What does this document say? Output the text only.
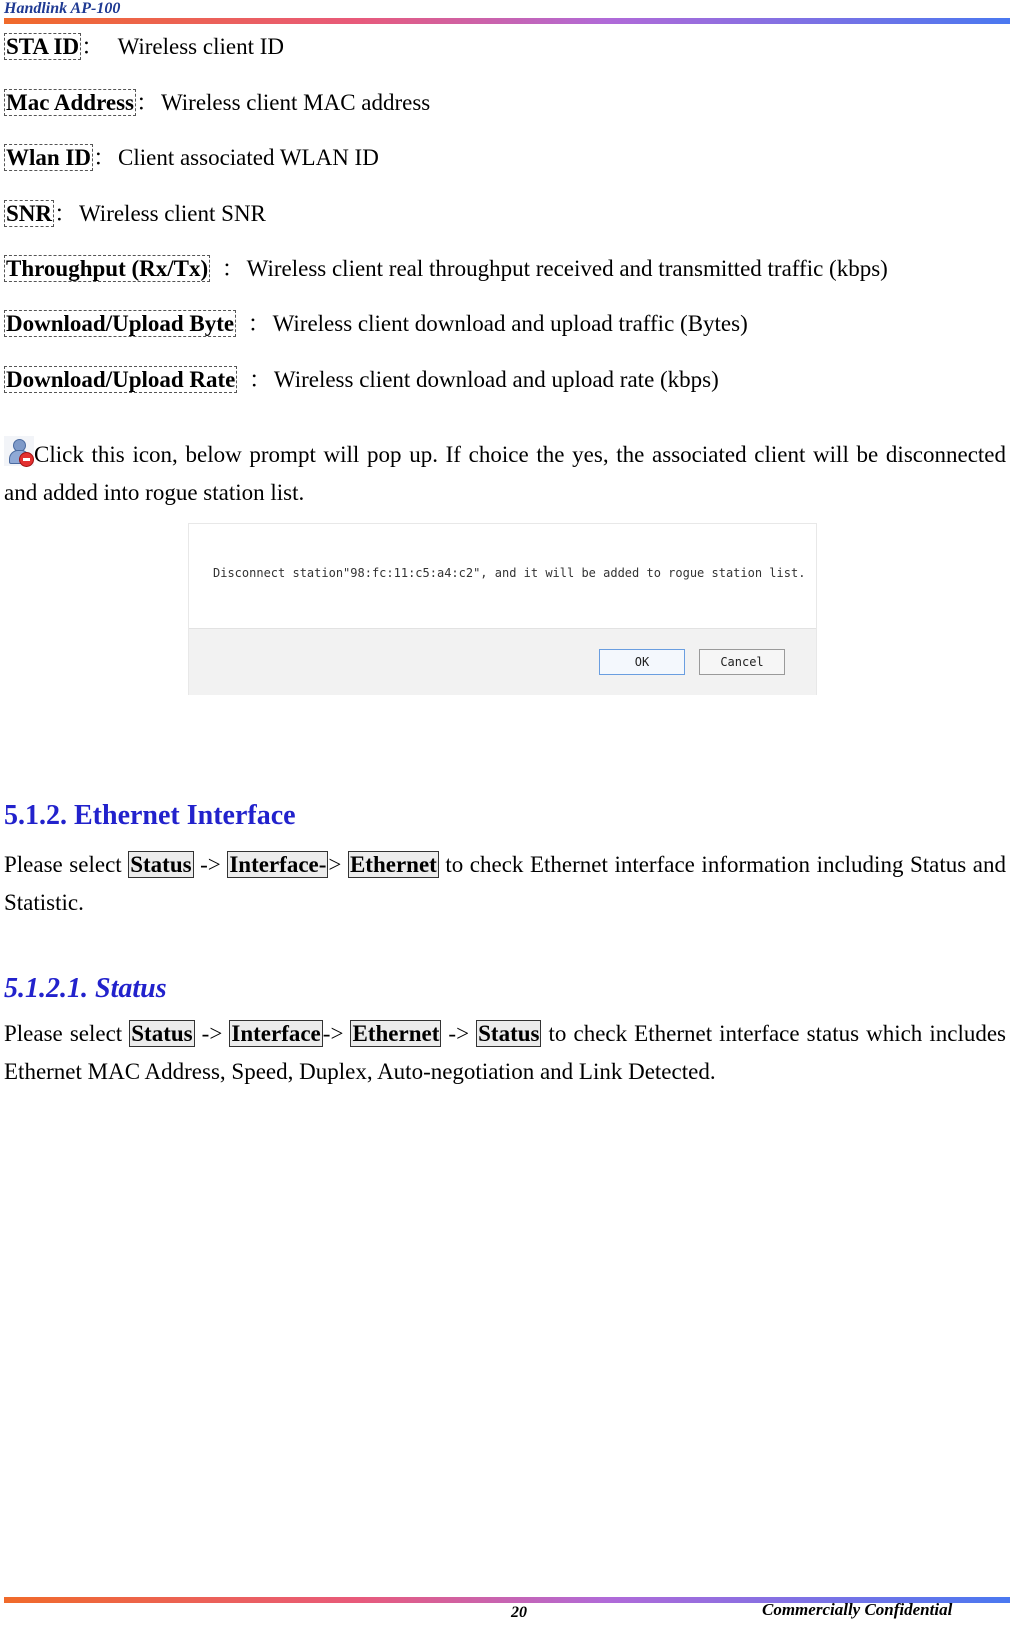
Handlink AP-100
STA ID： Wireless client ID
Mac Address：Wireless client MAC address
Wlan ID：Client associated WLAN ID
SNR：Wireless client SNR
Throughput (Rx/Tx) ：Wireless client real throughput received and transmitted traffic (kbps)
Download/Upload Byte ：Wireless client download and upload traffic (Bytes)
Download/Upload Rate ：Wireless client download and upload rate (kbps)
Click this icon, below prompt will pop up. If choice the yes, the associated client will be disconnected and added into rogue station list.
Disconnect station"98:fc:11:c5:a4:c2", and it will be added to rogue station list.
OK	Cancel
5.1.2. Ethernet Interface
Please select Status -> Interface-> Ethernet to check Ethernet interface information including Status and Statistic.
5.1.2.1. Status
Please select Status -> Interface-> Ethernet -> Status to check Ethernet interface status which includes Ethernet MAC Address, Speed, Duplex, Auto-negotiation and Link Detected.
20	Commercially Confidential
